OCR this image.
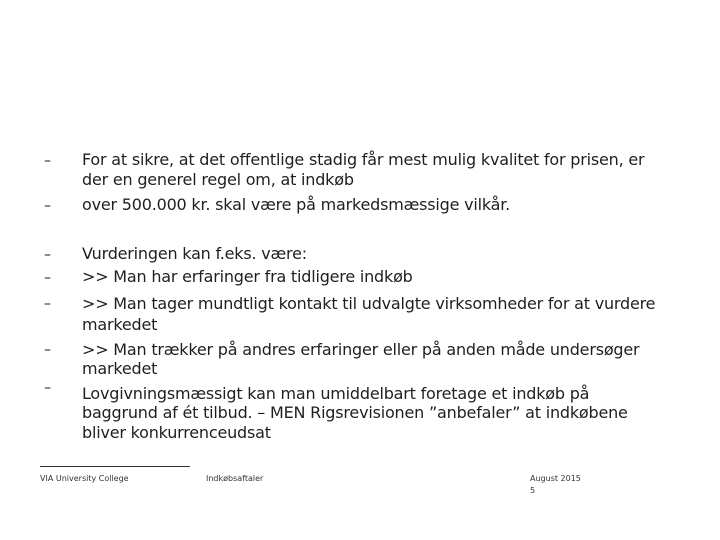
–
–
–
–
–
–
–
For at sikre, at det offentlige stadig får mest mulig kvalitet for prisen, er
der en generel regel om, at indkøb
over 500.000 kr. skal være på markedsmæssige vilkår.
Vurderingen kan f.eks. være:
>> Man har erfaringer fra tidligere indkøb
>> Man tager mundtligt kontakt til udvalgte virksomheder for at vurdere
markedet
>> Man trækker på andres erfaringer eller på anden måde undersøger
markedet
Lovgivningsmæssigt kan man umiddelbart foretage et indkøb på
baggrund af ét tilbud. – MEN Rigsrevisionen ”anbefaler” at indkøbene
bliver konkurrenceudsat
VIA University College	Indkøbsaftaler	August 2015
5
